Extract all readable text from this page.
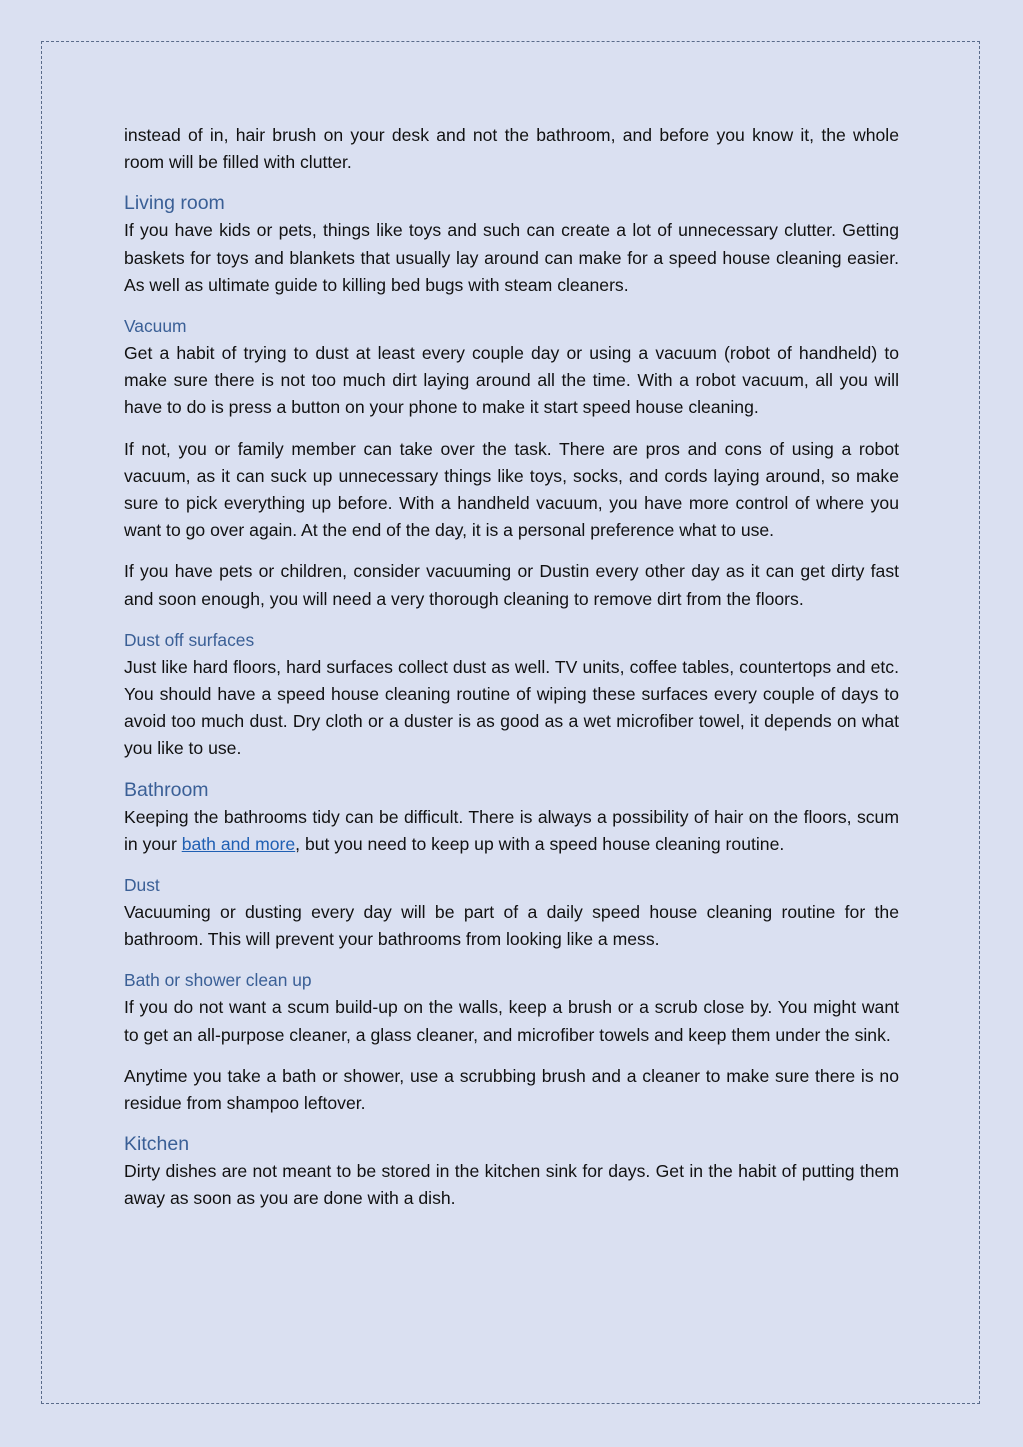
instead of in, hair brush on your desk and not the bathroom, and before you know it, the whole room will be filled with clutter.

Living room

If you have kids or pets, things like toys and such can create a lot of unnecessary clutter. Getting baskets for toys and blankets that usually lay around can make for a speed house cleaning easier. As well as ultimate guide to killing bed bugs with steam cleaners.

Vacuum

Get a habit of trying to dust at least every couple day or using a vacuum (robot of handheld) to make sure there is not too much dirt laying around all the time. With a robot vacuum, all you will have to do is press a button on your phone to make it start speed house cleaning.

If not, you or family member can take over the task. There are pros and cons of using a robot vacuum, as it can suck up unnecessary things like toys, socks, and cords laying around, so make sure to pick everything up before. With a handheld vacuum, you have more control of where you want to go over again. At the end of the day, it is a personal preference what to use.

If you have pets or children, consider vacuuming or Dustin every other day as it can get dirty fast and soon enough, you will need a very thorough cleaning to remove dirt from the floors.

Dust off surfaces

Just like hard floors, hard surfaces collect dust as well. TV units, coffee tables, countertops and etc. You should have a speed house cleaning routine of wiping these surfaces every couple of days to avoid too much dust. Dry cloth or a duster is as good as a wet microfiber towel, it depends on what you like to use.

Bathroom

Keeping the bathrooms tidy can be difficult. There is always a possibility of hair on the floors, scum in your bath and more, but you need to keep up with a speed house cleaning routine.

Dust

Vacuuming or dusting every day will be part of a daily speed house cleaning routine for the bathroom. This will prevent your bathrooms from looking like a mess.

Bath or shower clean up

If you do not want a scum build-up on the walls, keep a brush or a scrub close by. You might want to get an all-purpose cleaner, a glass cleaner, and microfiber towels and keep them under the sink.

Anytime you take a bath or shower, use a scrubbing brush and a cleaner to make sure there is no residue from shampoo leftover.

Kitchen

Dirty dishes are not meant to be stored in the kitchen sink for days. Get in the habit of putting them away as soon as you are done with a dish.
